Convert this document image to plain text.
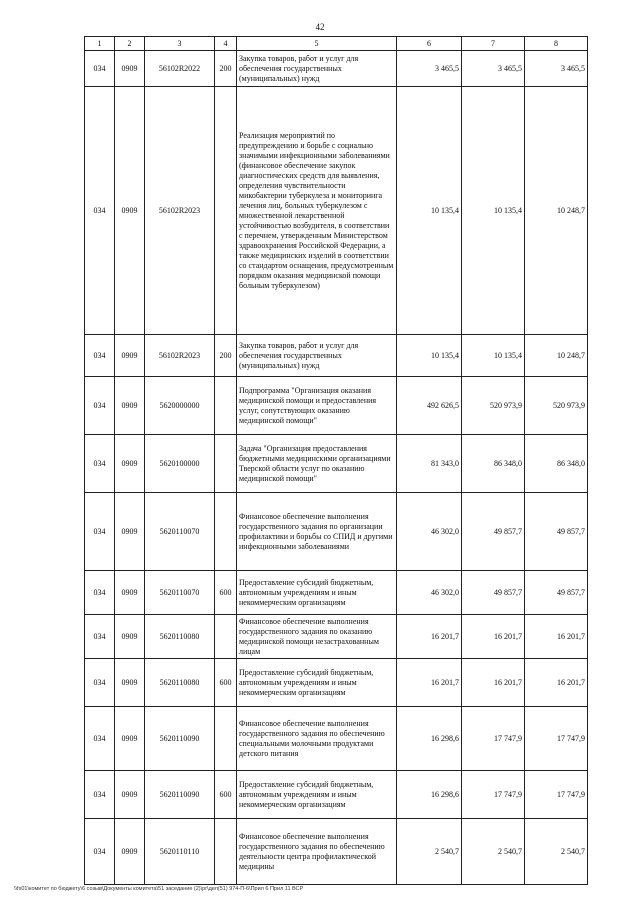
42
1	2	3	4	5	6	7	8
034	0909	56102R2022	200	Закупка товаров, работ и услуг для обеспечения государственных (муниципальных) нужд	3 465,5	3 465,5	3 465,5
034	0909	56102R2023		Реализация мероприятий по предупреждению и борьбе с социально значимыми инфекционными заболеваниями (финансовое обеспечение закупок диагностических средств для выявления, определения чувствительности микобактерии туберкулеза и мониторинга лечения лиц, больных туберкулезом с множественной лекарственной устойчивостью возбудителя, в соответствии с перечнем, утвержденным Министерством здравоохранения Российской Федерации, а также медицинских изделий в соответствии со стандартом оснащения, предусмотренным порядком оказания медицинской помощи больным туберкулезом)	10 135,4	10 135,4	10 248,7
034	0909	56102R2023	200	Закупка товаров, работ и услуг для обеспечения государственных (муниципальных) нужд	10 135,4	10 135,4	10 248,7
034	0909	5620000000		Подпрограмма "Организация оказания медицинской помощи и предоставления услуг, сопутствующих оказанию медицинской помощи"	492 626,5	520 973,9	520 973,9
034	0909	5620100000		Задача "Организация предоставления бюджетными медицинскими организациями Тверской области услуг по оказанию медицинской помощи"	81 343,0	86 348,0	86 348,0
034	0909	5620110070		Финансовое обеспечение выполнения государственного задания по организации профилактики и борьбы со СПИД и другими инфекционными заболеваниями	46 302,0	49 857,7	49 857,7
034	0909	5620110070	600	Предоставление субсидий бюджетным, автономным учреждениям и иным некоммерческим организациям	46 302,0	49 857,7	49 857,7
034	0909	5620110080		Финансовое обеспечение выполнения государственного задания по оказанию медицинской помощи незастрахованным лицам	16 201,7	16 201,7	16 201,7
034	0909	5620110080	600	Предоставление субсидий бюджетным, автономным учреждениям и иным некоммерческим организациям	16 201,7	16 201,7	16 201,7
034	0909	5620110090		Финансовое обеспечение выполнения государственного задания по обеспечению специальными молочными продуктами детского питания	16 298,6	17 747,9	17 747,9
034	0909	5620110090	600	Предоставление субсидий бюджетным, автономным учреждениям и иным некоммерческим организациям	16 298,6	17 747,9	17 747,9
034	0909	5620110110		Финансовое обеспечение выполнения государственного задания по обеспечению деятельности центра профилактической медицины	2 540,7	2 540,7	2 540,7
\\fs01\комитет по бюджету\6 созыв\Документы комитета\51 заседание (2)\pr\дел(51) 974-П-6\Прил 6 Прил 11 ВСР
